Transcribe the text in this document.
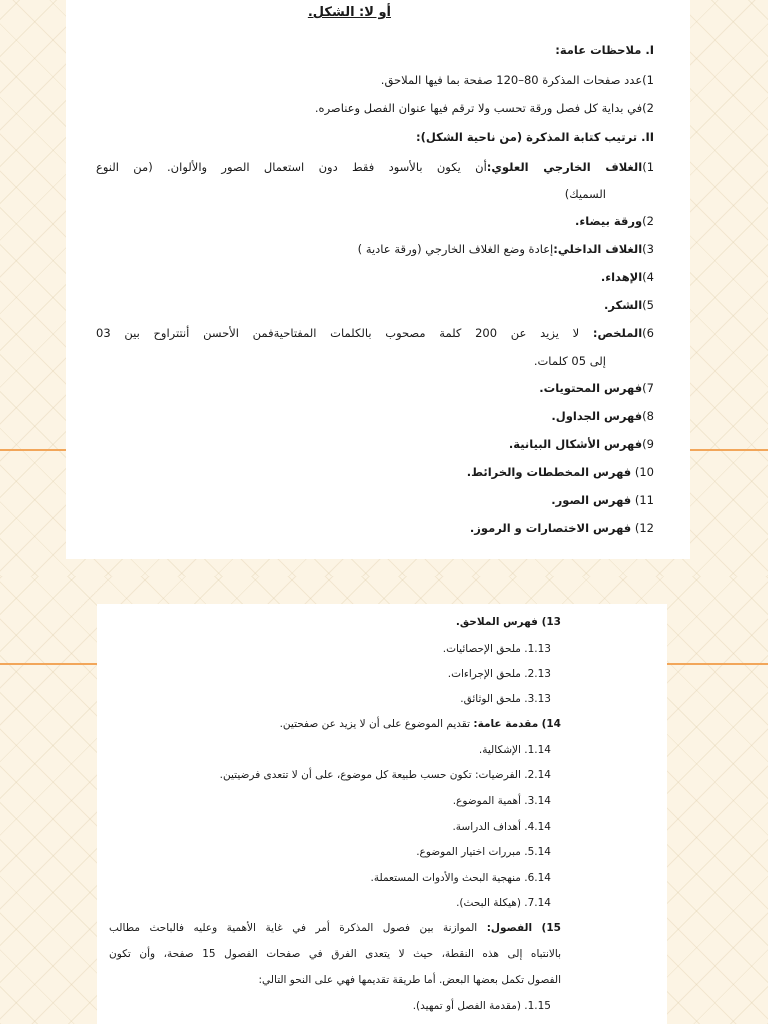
أو لا: الشكل.
I. ملاحظات عامة:
1)عدد صفحات المذكرة 80–120 صفحة بما فيها الملاحق.
2)في بداية كل فصل ورقة تحسب ولا ترقم فيها عنوان الفصل وعناصره.
II. ترتيب كتابة المذكرة (من ناحية الشكل):
1)الغلاف الخارجي العلوي:أن يكون بالأسود فقط دون استعمال الصور والألوان. (من النوع
السميك)
2)ورقة بيضاء.
3)الغلاف الداخلي:إعادة وضع الغلاف الخارجي (ورقة عادية )
4)الإهداء.
5)الشكر.
6)الملخص: لا يزيد عن 200 كلمة مصحوب بالكلمات المفتاحيةفمن الأحسن أنتتراوح بين 03
إلى 05 كلمات.
7)فهرس المحتويات.
8)فهرس الجداول.
9)فهرس الأشكال البيانية.
10) فهرس المخططات والخرائط.
11) فهرس الصور.
12) فهرس الاختصارات و الرموز.
13) فهرس الملاحق.
1.13. ملحق الإحصائيات.
2.13. ملحق الإجراءات.
3.13. ملحق الوثائق.
14) مقدمة عامة: تقديم الموضوع على أن لا يزيد عن صفحتين.
1.14. الإشكالية.
2.14. الفرضيات: تكون حسب طبيعة كل موضوع، على أن لا تتعدى فرضيتين.
3.14. أهمية الموضوع.
4.14. أهداف الدراسة.
5.14. مبررات اختيار الموضوع.
6.14. منهجية البحث والأدوات المستعملة.
7.14. (هيكلة البحث).
15) الفصول: الموازنة بين فصول المذكرة أمر في غاية الأهمية وعليه فالباحث مطالب
بالانتباه إلى هذه النقطة، حيث لا يتعدى الفرق في صفحات الفصول 15 صفحة، وأن تكون
الفصول تكمل بعضها البعض. أما طريقة تقديمها فهي على النحو التالي:
1.15. (مقدمة الفصل أو تمهيد).
